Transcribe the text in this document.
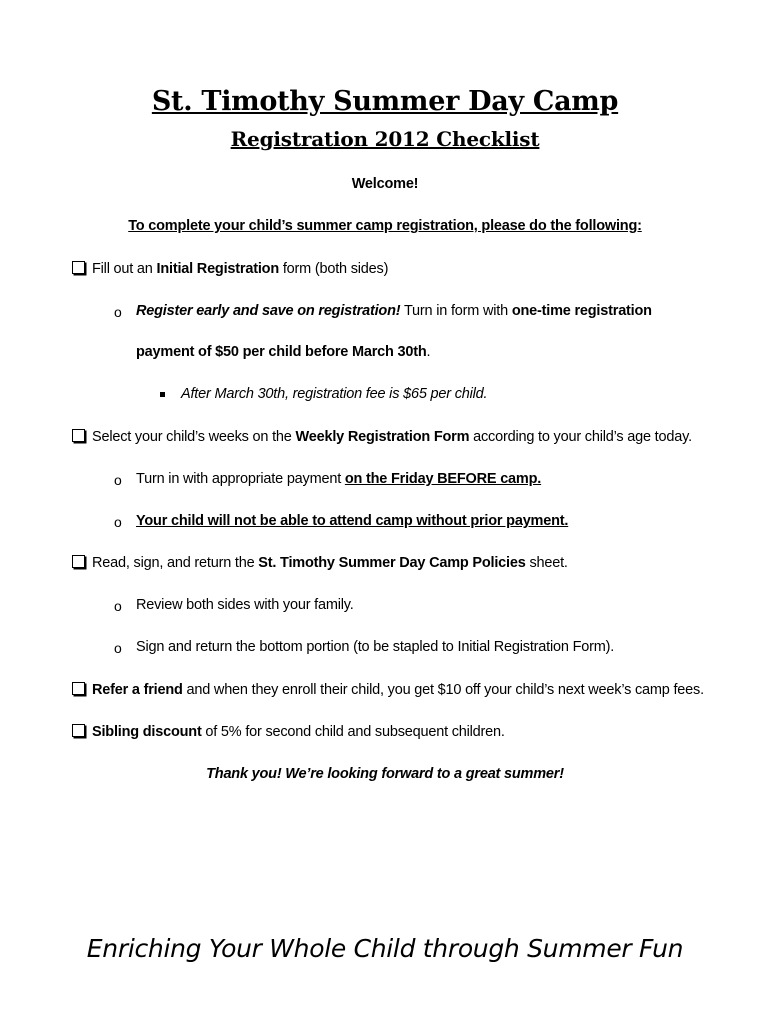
St. Timothy Summer Day Camp
Registration 2012 Checklist
Welcome!
To complete your child’s summer camp registration, please do the following:
Fill out an Initial Registration form (both sides)
o Register early and save on registration! Turn in form with one-time registration
payment of $50 per child before March 30th.
After March 30th, registration fee is $65 per child.
Select your child’s weeks on the Weekly Registration Form according to your child’s age today.
o Turn in with appropriate payment on the Friday BEFORE camp.
o Your child will not be able to attend camp without prior payment.
Read, sign, and return the St. Timothy Summer Day Camp Policies sheet.
o Review both sides with your family.
o Sign and return the bottom portion (to be stapled to Initial Registration Form).
Refer a friend and when they enroll their child, you get $10 off your child’s next week’s camp fees.
Sibling discount of 5% for second child and subsequent children.
Thank you! We’re looking forward to a great summer!
Enriching Your Whole Child through Summer Fun
